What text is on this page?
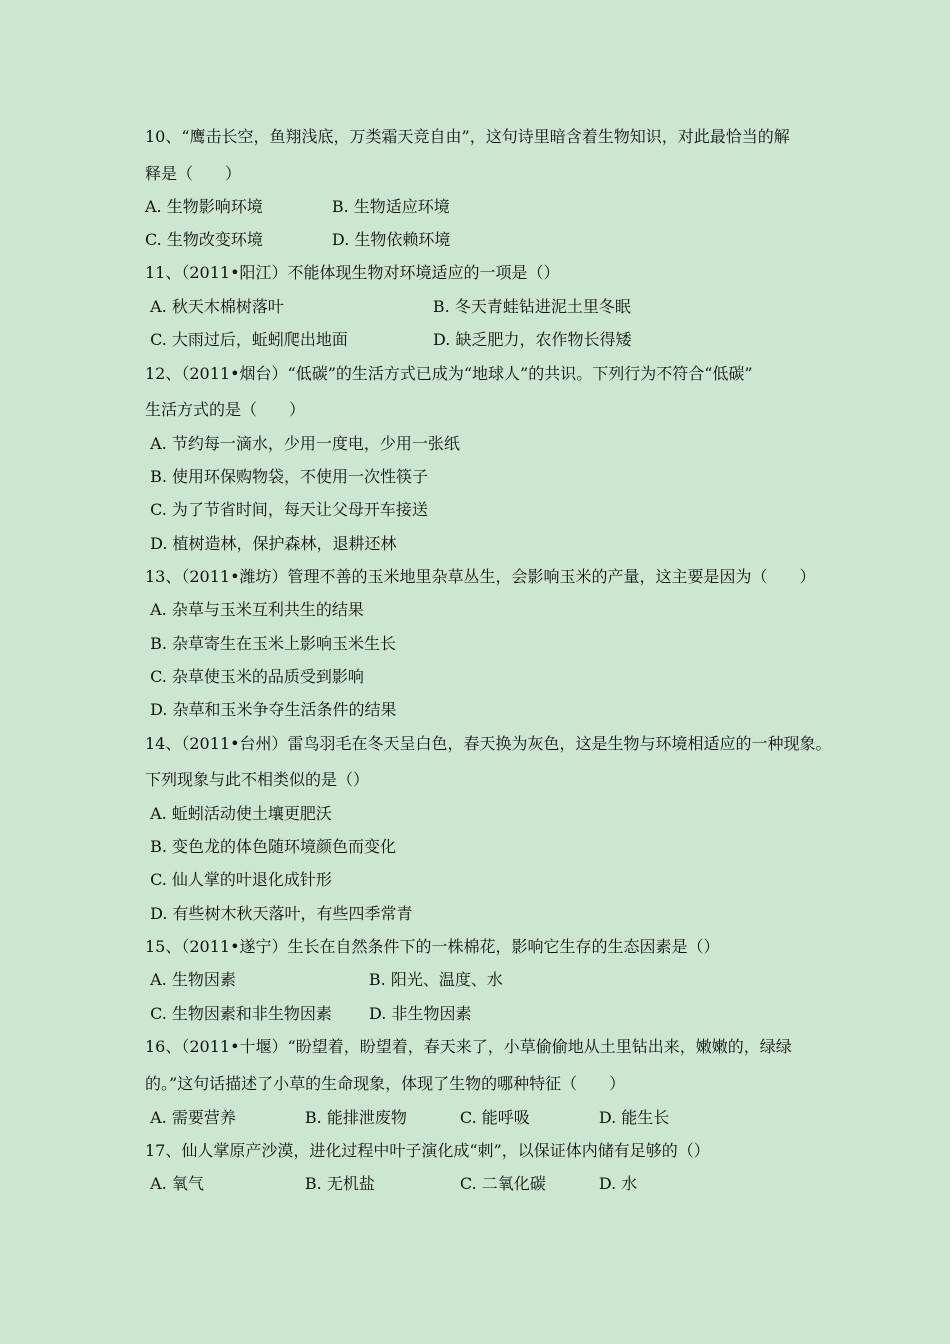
10、“鹰击长空，鱼翔浅底，万类霜天竞自由”，这句诗里暗含着生物知识，对此最恰当的解
释是（　　）
A. 生物影响环境　　　　 B. 生物适应环境
C. 生物改变环境　　　　 D. 生物依赖环境
11、（2011•阳江）不能体现生物对环境适应的一项是（）
A. 秋天木棉树落叶　　　　　　　　　 B. 冬天青蛙钻进泥土里冬眠
C. 大雨过后，蚯蚓爬出地面　　　　　 D. 缺乏肥力，农作物长得矮
12、（2011•烟台）“低碳”的生活方式已成为“地球人”的共识。下列行为不符合“低碳”
生活方式的是（　　）
A. 节约每一滴水，少用一度电，少用一张纸
B. 使用环保购物袋，不使用一次性筷子
C. 为了节省时间，每天让父母开车接送
D. 植树造林，保护森林，退耕还林
13、（2011•潍坊）管理不善的玉米地里杂草丛生，会影响玉米的产量，这主要是因为（　　）
A. 杂草与玉米互利共生的结果
B. 杂草寄生在玉米上影响玉米生长
C. 杂草使玉米的品质受到影响
D. 杂草和玉米争夺生活条件的结果
14、（2011•台州）雷鸟羽毛在冬天呈白色，春天换为灰色，这是生物与环境相适应的一种现象。
下列现象与此不相类似的是（）
A. 蚯蚓活动使土壤更肥沃
B. 变色龙的体色随环境颜色而变化
C. 仙人掌的叶退化成针形
D. 有些树木秋天落叶，有些四季常青
15、（2011•遂宁）生长在自然条件下的一株棉花，影响它生存的生态因素是（）
A. 生物因素　　　　　　　　 B. 阳光、温度、水
C. 生物因素和非生物因素　　 D. 非生物因素
16、（2011•十堰）“盼望着，盼望着，春天来了，小草偷偷地从土里钻出来，嫩嫩的，绿绿
的。”这句话描述了小草的生命现象，体现了生物的哪种特征（　　）
A. 需要营养　　　　 B. 能排泄废物　　　 C. 能呼吸　　　　 D. 能生长
17、仙人掌原产沙漠，进化过程中叶子演化成“刺”，以保证体内储有足够的（）
A. 氧气　　　　　　 B. 无机盐　　　　　 C. 二氧化碳　　　 D. 水
